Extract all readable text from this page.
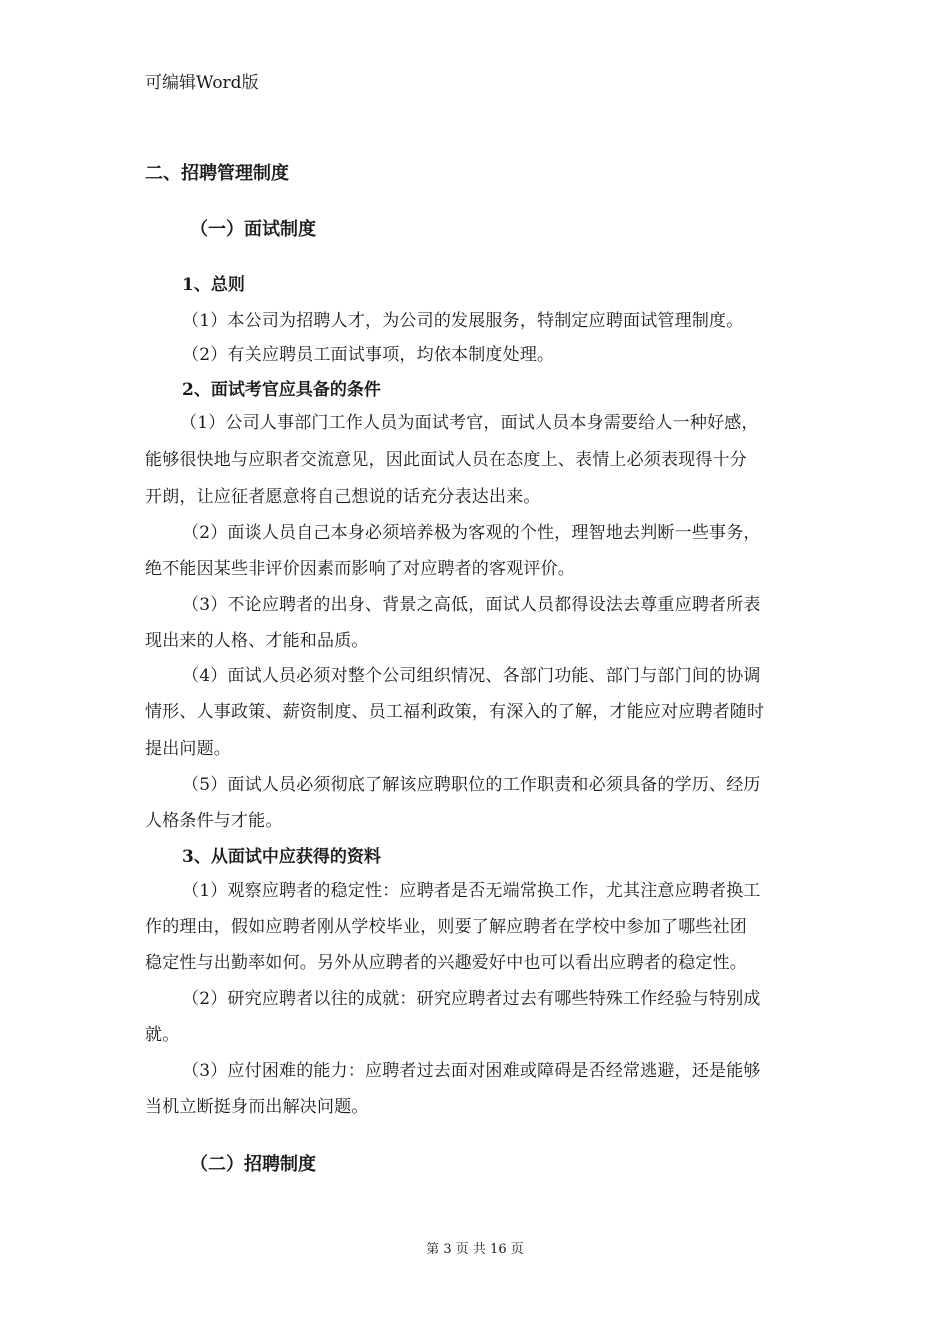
可编辑Word版
二、招聘管理制度
（一）面试制度
1、总则
（1）本公司为招聘人才，为公司的发展服务，特制定应聘面试管理制度。
（2）有关应聘员工面试事项，均依本制度处理。
2、面试考官应具备的条件
（1）公司人事部门工作人员为面试考官，面试人员本身需要给人一种好感，
能够很快地与应职者交流意见，因此面试人员在态度上、表情上必须表现得十分
开朗，让应征者愿意将自己想说的话充分表达出来。
（2）面谈人员自己本身必须培养极为客观的个性，理智地去判断一些事务，
绝不能因某些非评价因素而影响了对应聘者的客观评价。
（3）不论应聘者的出身、背景之高低，面试人员都得设法去尊重应聘者所表
现出来的人格、才能和品质。
（4）面试人员必须对整个公司组织情况、各部门功能、部门与部门间的协调
情形、人事政策、薪资制度、员工福利政策，有深入的了解，才能应对应聘者随时
提出问题。
（5）面试人员必须彻底了解该应聘职位的工作职责和必须具备的学历、经历
人格条件与才能。
3、从面试中应获得的资料
（1）观察应聘者的稳定性：应聘者是否无端常换工作，尤其注意应聘者换工
作的理由，假如应聘者刚从学校毕业，则要了解应聘者在学校中参加了哪些社团
稳定性与出勤率如何。另外从应聘者的兴趣爱好中也可以看出应聘者的稳定性。
（2）研究应聘者以往的成就：研究应聘者过去有哪些特殊工作经验与特别成
就。
（3）应付困难的能力：应聘者过去面对困难或障碍是否经常逃避，还是能够
当机立断挺身而出解决问题。
（二）招聘制度
第 3 页 共 16 页
